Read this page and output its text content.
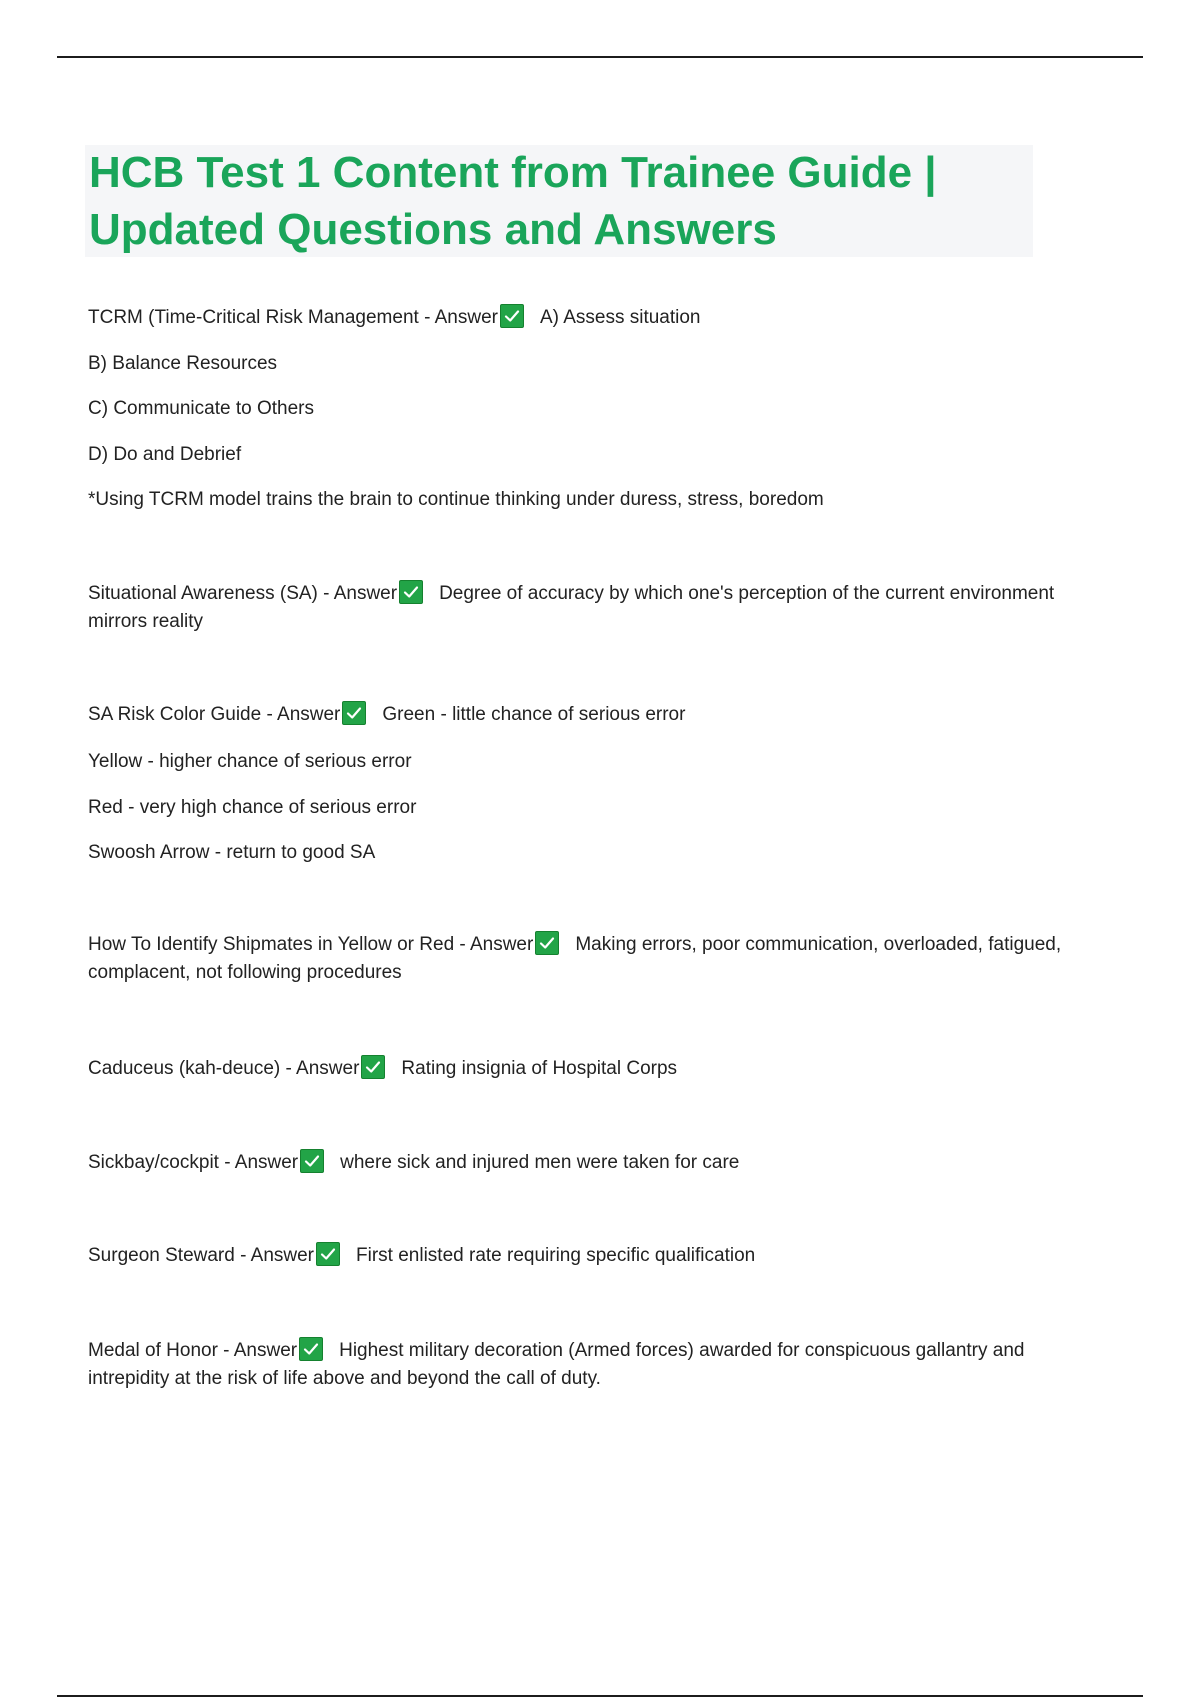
HCB Test 1 Content from Trainee Guide | Updated Questions and Answers
TCRM (Time-Critical Risk Management - Answer A) Assess situation
B) Balance Resources
C) Communicate to Others
D) Do and Debrief
*Using TCRM model trains the brain to continue thinking under duress, stress, boredom
Situational Awareness (SA) - Answer Degree of accuracy by which one's perception of the current environment mirrors reality
SA Risk Color Guide - Answer Green - little chance of serious error
Yellow - higher chance of serious error
Red - very high chance of serious error
Swoosh Arrow - return to good SA
How To Identify Shipmates in Yellow or Red - Answer Making errors, poor communication, overloaded, fatigued, complacent, not following procedures
Caduceus (kah-deuce) - Answer Rating insignia of Hospital Corps
Sickbay/cockpit - Answer where sick and injured men were taken for care
Surgeon Steward - Answer First enlisted rate requiring specific qualification
Medal of Honor - Answer Highest military decoration (Armed forces) awarded for conspicuous gallantry and intrepidity at the risk of life above and beyond the call of duty.
